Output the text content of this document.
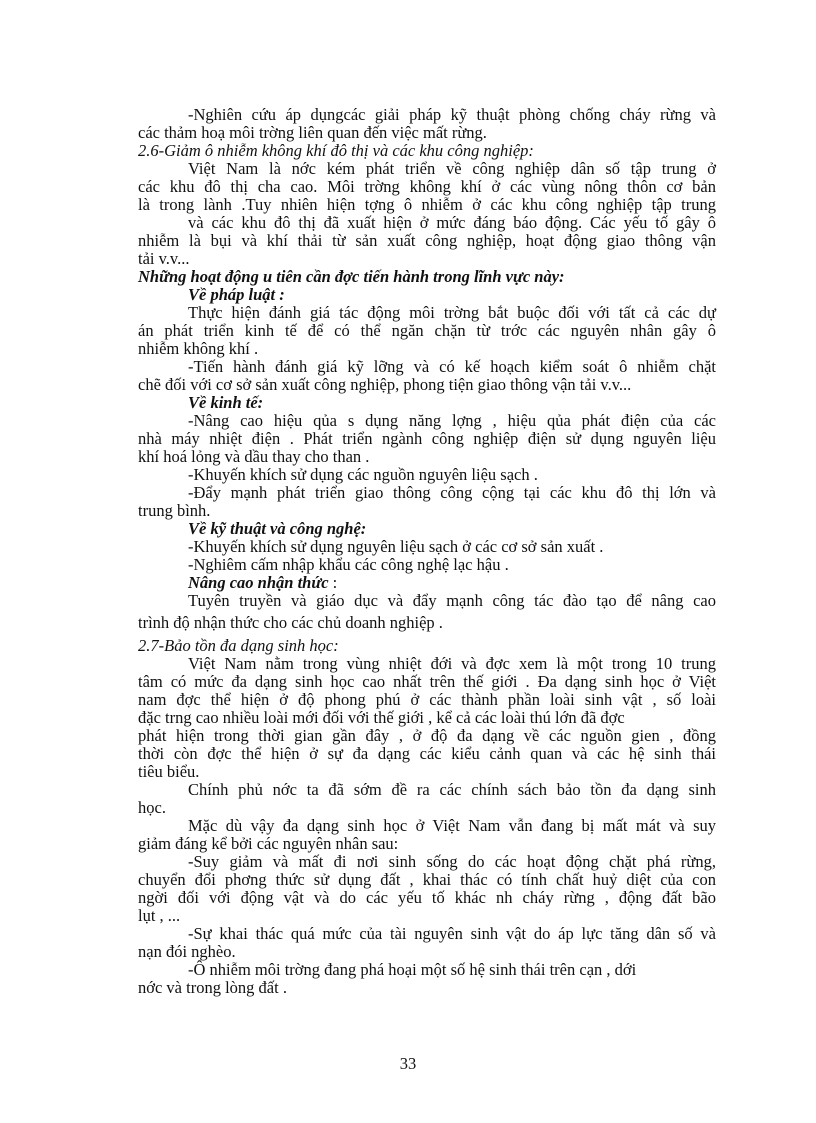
-Nghiên cứu áp dụngcác giải pháp kỹ thuật phòng chống cháy rừng và
các thảm hoạ môi trờng liên quan đến việc mất rừng.
2.6-Giảm ô nhiễm không khí đô thị và các khu công nghiệp:
Việt Nam là nớc kém phát triển về công nghiệp dân số tập trung ở
các khu đô thị cha cao. Môi trờng không khí ở các vùng nông thôn cơ bản
là trong lành .Tuy nhiên hiện tợng ô nhiễm ở các khu công nghiệp tập trung
và các khu đô thị đã xuất hiện ở mức đáng báo động. Các yếu tố gây ô
nhiễm là bụi và khí thải từ sản xuất công nghiệp, hoạt động giao thông vận
tải v.v...
Những hoạt động u tiên cần đợc tiến hành trong lĩnh vực này:
Về pháp luật :
Thực hiện đánh giá tác động môi trờng bắt buộc đối với tất cả các dự
án phát triển kinh tế để có thể ngăn chặn từ trớc các nguyên nhân gây ô
nhiễm không khí .
-Tiến hành đánh giá kỹ lỡng và có kế hoạch kiểm soát ô nhiễm chặt
chẽ đối với cơ sở sản xuất công nghiệp, phong tiện giao thông vận tải v.v...
Về kinh tế:
-Nâng cao hiệu qủa s dụng năng lợng , hiệu qủa phát điện của các
nhà máy nhiệt điện . Phát triển ngành công nghiệp điện sử dụng nguyên liệu
khí hoá lỏng và dầu thay cho than .
-Khuyến khích sử dụng các nguồn nguyên liệu sạch .
-Đẩy mạnh phát triển giao thông công cộng tại các khu đô thị lớn và
trung bình.
Về kỹ thuật và công nghệ:
-Khuyến khích sử dụng nguyên liệu sạch ở các cơ sở sản xuất .
-Nghiêm cấm nhập khẩu các công nghệ lạc hậu .
Nâng cao nhận thức :
Tuyên truyền và giáo dục và đẩy mạnh công tác đào tạo để nâng cao
trình độ nhận thức cho các chủ doanh nghiệp .
2.7-Bảo tồn đa dạng sinh học:
Việt Nam nằm trong vùng nhiệt đới và đợc xem là một trong 10 trung
tâm có mức đa dạng sinh học cao nhất trên thế giới . Đa dạng sinh học ở Việt
nam đợc thể hiện ở độ phong phú ở các thành phần loài sinh vật , số loài
đặc trng cao nhiều loài mới đối với thế giới , kể cả các loài thú lớn đã đợc
phát hiện trong thời gian gần đây , ở độ đa dạng về các nguồn gien , đồng
thời còn đợc thể hiện ở sự đa dạng các kiểu cảnh quan và các hệ sinh thái
tiêu biểu.
Chính phủ nớc ta đã sớm đề ra các chính sách bảo tồn đa dạng sinh
học.
Mặc dù vậy đa dạng sinh học ở Việt Nam vẫn đang bị mất mát và suy
giảm đáng kể bởi các nguyên nhân sau:
-Suy giảm và mất đi nơi sinh sống do các hoạt động chặt phá rừng,
chuyển đổi phơng thức sử dụng đất , khai thác có tính chất huỷ diệt của con
ngời đối với động vật và do các yếu tố khác nh cháy rừng , động đất bão
lụt , ...
-Sự khai thác quá mức của tài nguyên sinh vật do áp lực tăng dân số và
nạn đói nghèo.
-Ô nhiễm môi trờng đang phá hoại một số hệ sinh thái trên cạn , dới
nớc và trong lòng đất .
33
